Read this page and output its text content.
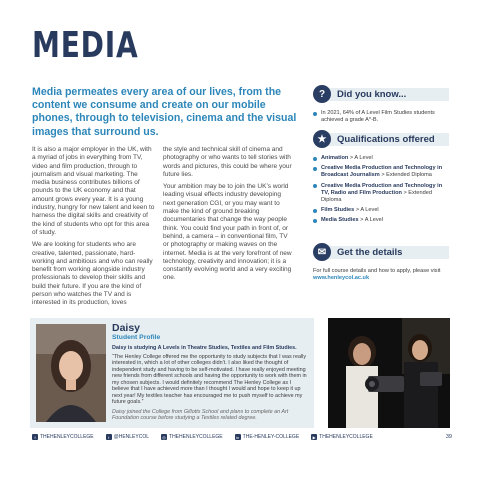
MEDIA
Media permeates every area of our lives, from the content we consume and create on our mobile phones, through to television, cinema and the visual images that surround us.

It is also a major employer in the UK, with a myriad of jobs in everything from TV, video and film production, through to journalism and visual marketing. The media business contributes billions of pounds to the UK economy and that amount grows every year. It is a young industry, hungry for new talent and keen to harness the digital skills and creativity of the kind of students who opt for this area of study.

We are looking for students who are creative, talented, passionate, hard-working and ambitious and who can really benefit from working alongside industry professionals to develop their skills and build their future. If you are the kind of person who watches the TV and is interested in its production, loves

the style and technical skill of cinema and photography or who wants to tell stories with words and pictures, this could be where your future lies.

Your ambition may be to join the UK’s world leading visual effects industry developing next generation CGI, or you may want to make the kind of ground breaking documentaries that change the way people think. You could find your path in front of, or behind, a camera – in conventional film, TV or photography or making waves on the internet. Media is at the very forefront of new technology, creativity and innovation; it is a constantly evolving world and a very exciting one.

?	Did you know...
In 2021, 64% of A Level Film Studies students achieved a grade A*-B.
★	Qualifications offered
Animation > A Level
Creative Media Production and Technology in Broadcast Journalism > Extended Diploma
Creative Media Production and Technology in TV, Radio and Film Production > Extended Diploma
Film Studies > A Level
Media Studies > A Level
✉	Get the details

For full course details and how to apply, please visit www.henleycol.ac.uk

Daisy
Student Profile
Daisy is studying A Levels in Theatre Studies, Textiles and Film Studies.
“The Henley College offered me the opportunity to study subjects that I was really interested in, which a lot of other colleges didn’t. I also liked the thought of independent study and having to be self-motivated. I have really enjoyed meeting new friends from different schools and having the opportunity to work with them in my chosen subjects. I would definitely recommend The Henley College as I believe that I have achieved more than I thought I would and hope to keep it up next year! My textiles teacher has encouraged me to push myself to achieve my future goals.”
Daisy joined the College from Gillotts School and plans to complete an Art Foundation course before studying a Textiles related degree.
f THEHENLEYCOLLEGE	t @HENLEYCOL	◎ THEHENLEYCOLLEGE	in THE-HENLEY-COLLEGE	▶ THEHENLEYCOLLEGE	39
